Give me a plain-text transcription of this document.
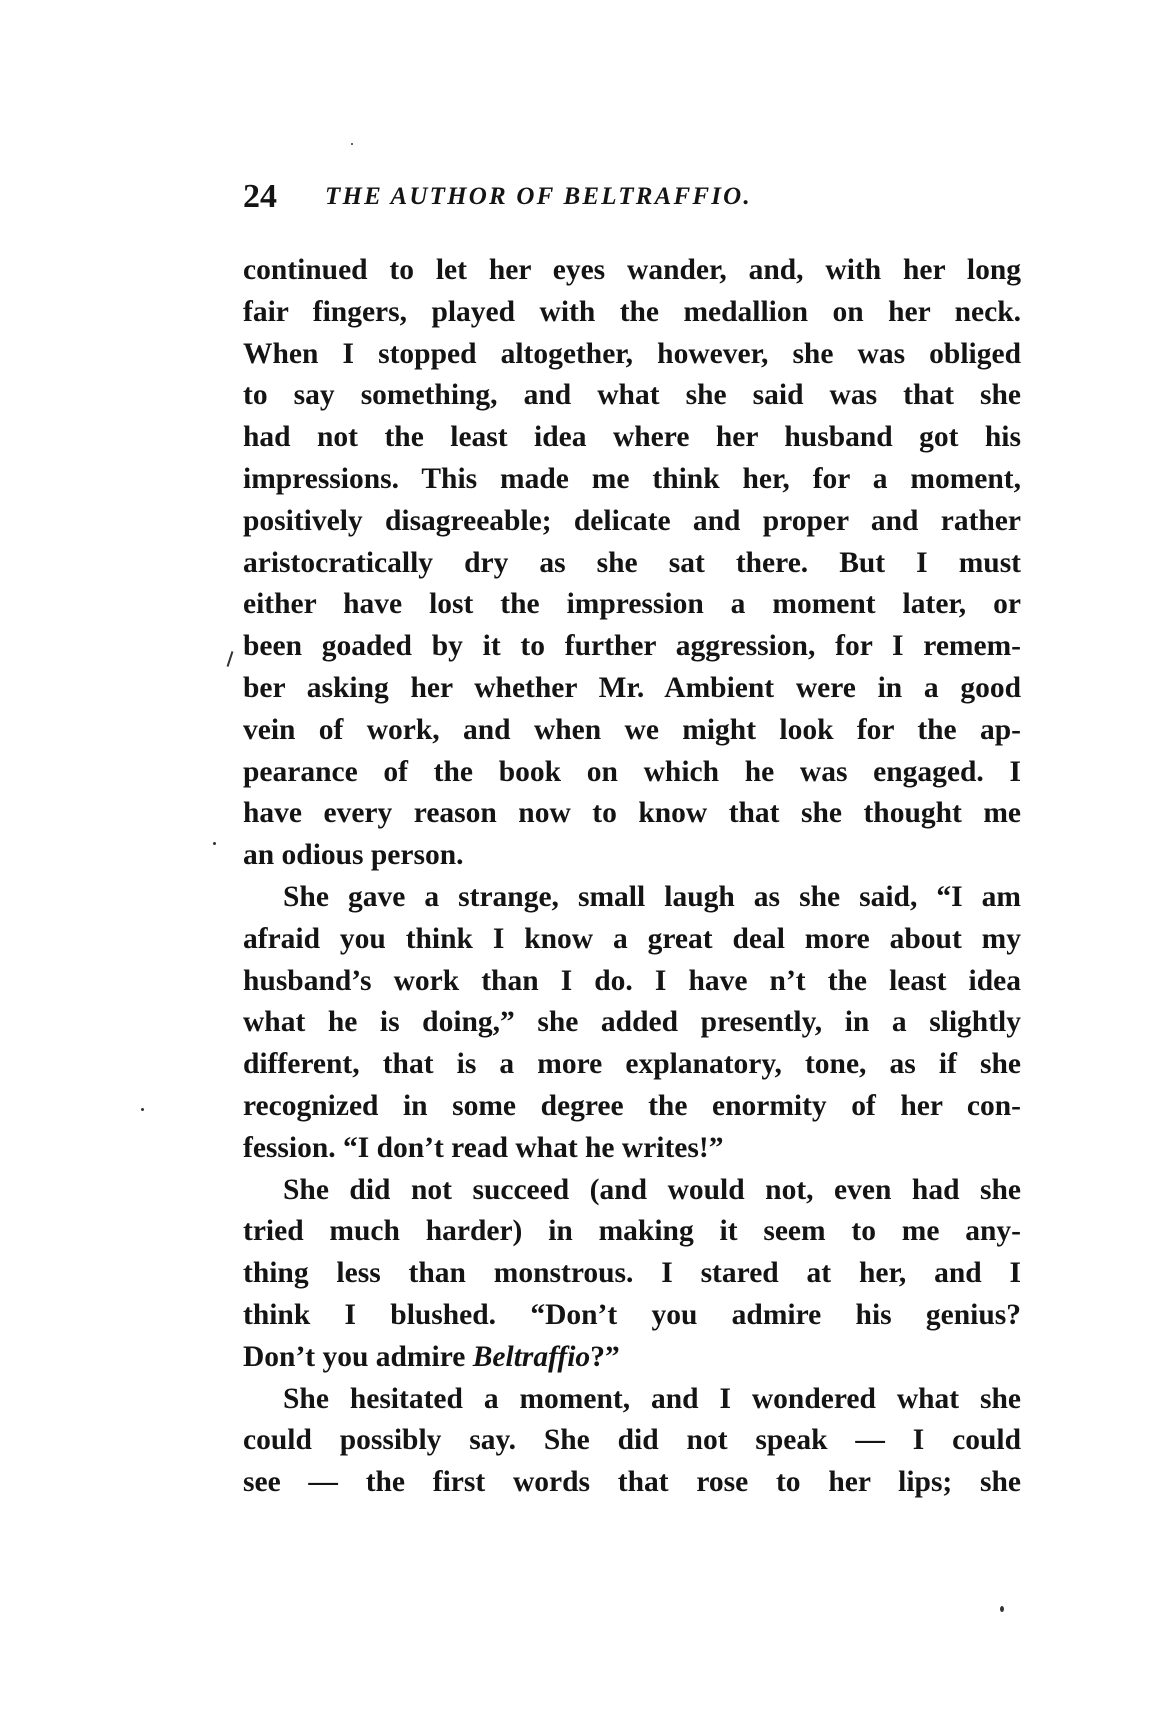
24 THE AUTHOR OF BELTRAFFIO.
continued to let her eyes wander, and, with her long
fair fingers, played with the medallion on her neck.
When I stopped altogether, however, she was obliged
to say something, and what she said was that she
had not the least idea where her husband got his
impressions. This made me think her, for a moment,
positively disagreeable; delicate and proper and rather
aristocratically dry as she sat there. But I must
either have lost the impression a moment later, or
been goaded by it to further aggression, for I remem-
ber asking her whether Mr. Ambient were in a good
vein of work, and when we might look for the ap-
pearance of the book on which he was engaged. I
have every reason now to know that she thought me
an odious person.
She gave a strange, small laugh as she said, “I am
afraid you think I know a great deal more about my
husband’s work than I do. I have n’t the least idea
what he is doing,” she added presently, in a slightly
different, that is a more explanatory, tone, as if she
recognized in some degree the enormity of her con-
fession. “I don’t read what he writes!”
She did not succeed (and would not, even had she
tried much harder) in making it seem to me any-
thing less than monstrous. I stared at her, and I
think I blushed. “Don’t you admire his genius?
Don’t you admire Beltraffio?”
She hesitated a moment, and I wondered what she
could possibly say. She did not speak — I could
see — the first words that rose to her lips; she
